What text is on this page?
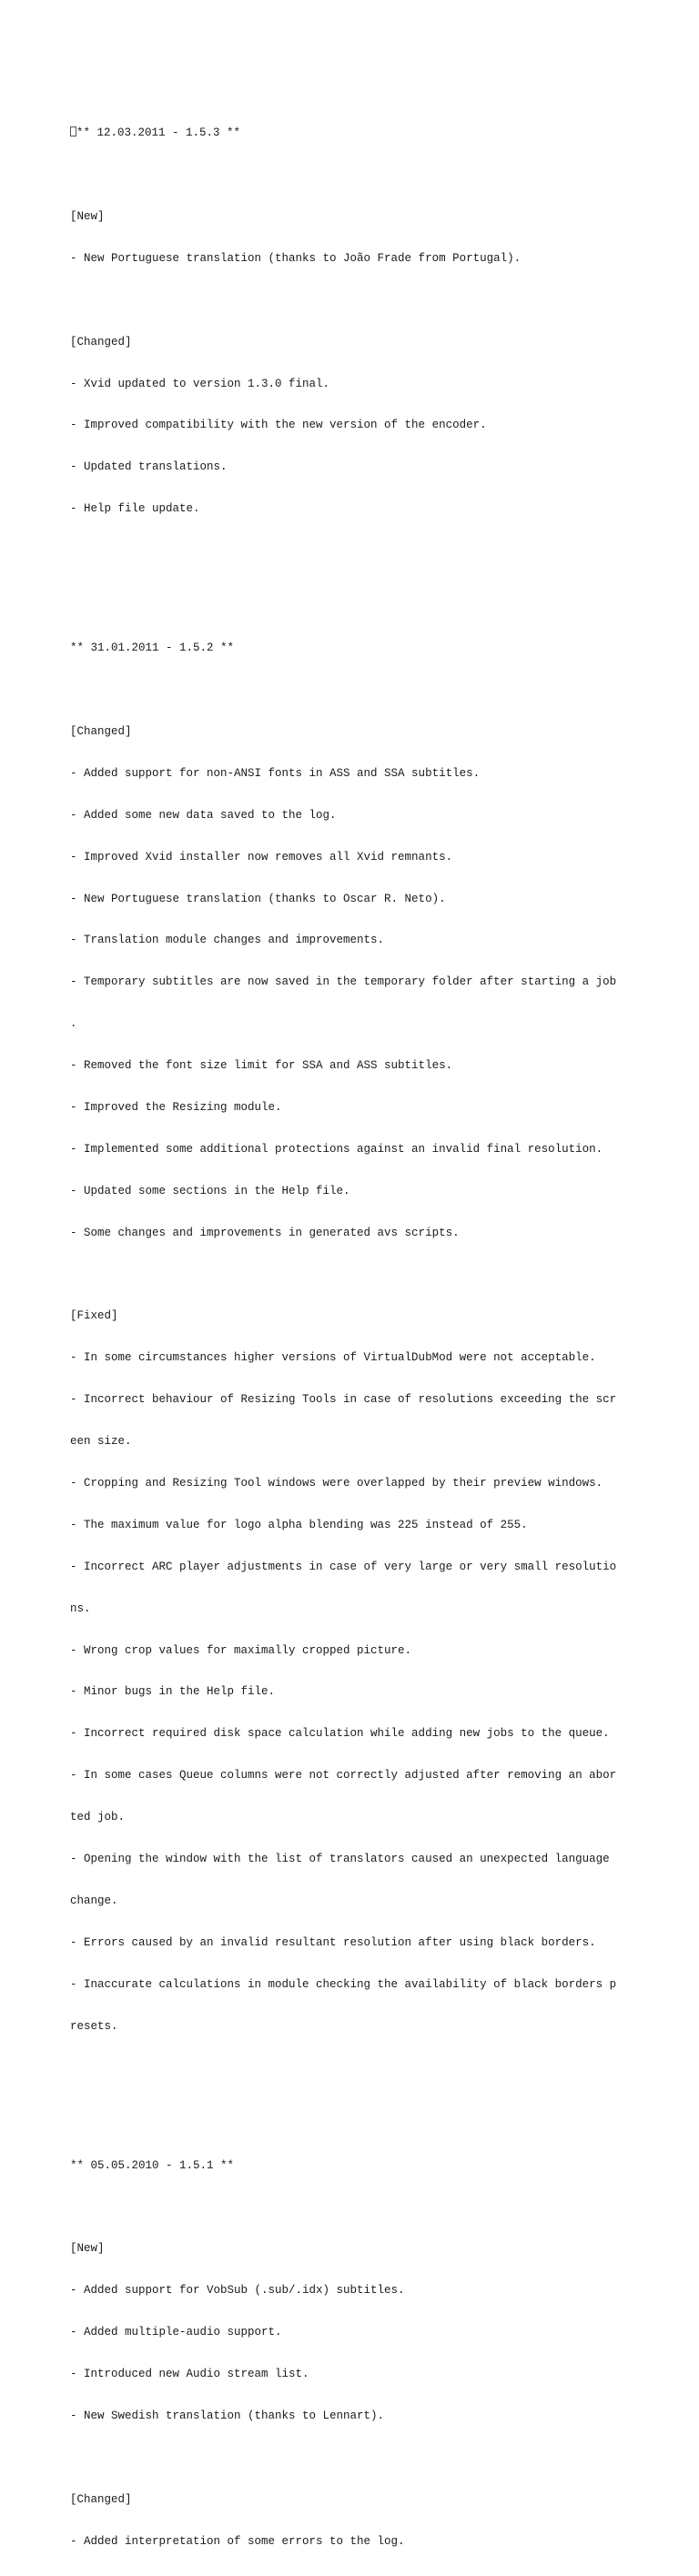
** 12.03.2011 - 1.5.3 **

[New]

- New Portuguese translation (thanks to João Frade from Portugal).

[Changed]

- Xvid updated to version 1.3.0 final.

- Improved compatibility with the new version of the encoder.

- Updated translations.

- Help file update.

** 31.01.2011 - 1.5.2 **

[Changed]

- Added support for non-ANSI fonts in ASS and SSA subtitles.

- Added some new data saved to the log.

- Improved Xvid installer now removes all Xvid remnants.

- New Portuguese translation (thanks to Oscar R. Neto).

- Translation module changes and improvements.

- Temporary subtitles are now saved in the temporary folder after starting a job

.

- Removed the font size limit for SSA and ASS subtitles.

- Improved the Resizing module.

- Implemented some additional protections against an invalid final resolution.

- Updated some sections in the Help file.

- Some changes and improvements in generated avs scripts.

[Fixed]

- In some circumstances higher versions of VirtualDubMod were not acceptable.

- Incorrect behaviour of Resizing Tools in case of resolutions exceeding the scr

een size.

- Cropping and Resizing Tool windows were overlapped by their preview windows.

- The maximum value for logo alpha blending was 225 instead of 255.

- Incorrect ARC player adjustments in case of very large or very small resolutio

ns.

- Wrong crop values for maximally cropped picture.

- Minor bugs in the Help file.

- Incorrect required disk space calculation while adding new jobs to the queue.

- In some cases Queue columns were not correctly adjusted after removing an abor

ted job.

- Opening the window with the list of translators caused an unexpected language

change.

- Errors caused by an invalid resultant resolution after using black borders.

- Inaccurate calculations in module checking the availability of black borders p

resets.

** 05.05.2010 - 1.5.1 **

[New]

- Added support for VobSub (.sub/.idx) subtitles.

- Added multiple-audio support.

- Introduced new Audio stream list.

- New Swedish translation (thanks to Lennart).

[Changed]

- Added interpretation of some errors to the log.
